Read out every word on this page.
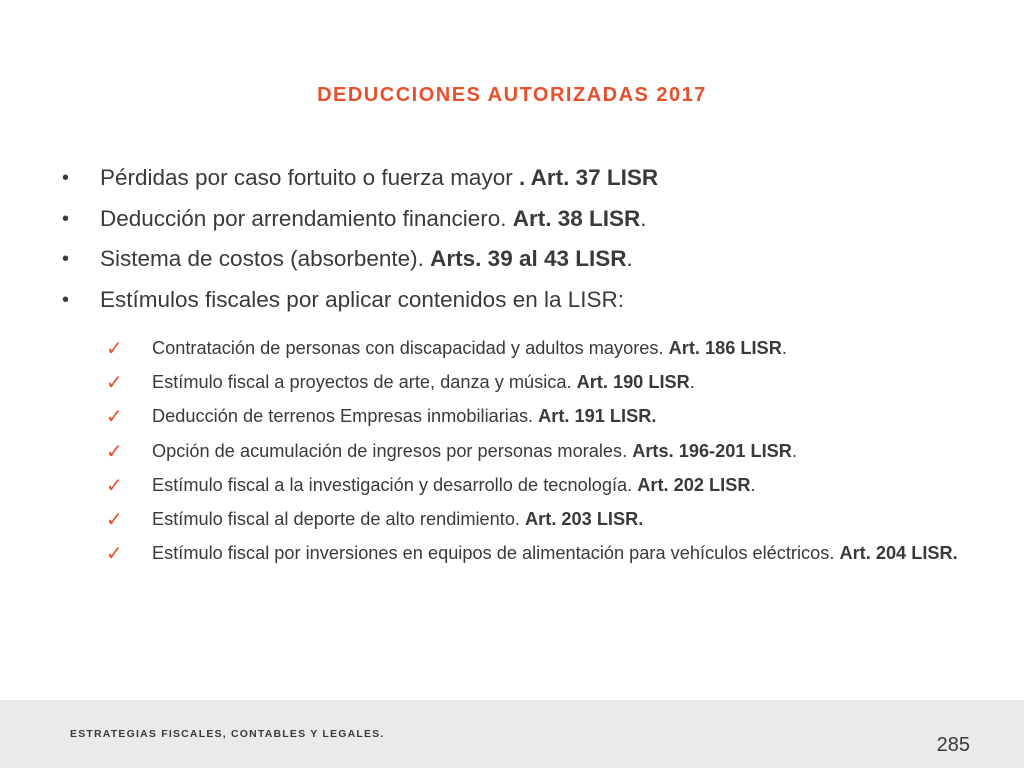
DEDUCCIONES AUTORIZADAS 2017
•	Pérdidas por caso fortuito o fuerza mayor . Art. 37 LISR
•	Deducción por arrendamiento financiero. Art. 38 LISR.
•	Sistema de costos (absorbente). Arts. 39 al 43 LISR.
•	Estímulos fiscales por aplicar contenidos en la LISR:
✓	Contratación de personas con discapacidad y adultos mayores. Art. 186 LISR.
✓	Estímulo fiscal a proyectos de arte, danza y música. Art. 190 LISR.
✓	Deducción de terrenos Empresas inmobiliarias. Art. 191 LISR.
✓	Opción de acumulación de ingresos por personas morales. Arts. 196-201 LISR.
✓	Estímulo fiscal a la investigación y desarrollo de tecnología. Art. 202 LISR.
✓	Estímulo fiscal al deporte de alto rendimiento. Art. 203 LISR.
✓	Estímulo fiscal por inversiones en equipos de alimentación para vehículos eléctricos. Art. 204 LISR.
ESTRATEGIAS FISCALES, CONTABLES Y LEGALES.	285
